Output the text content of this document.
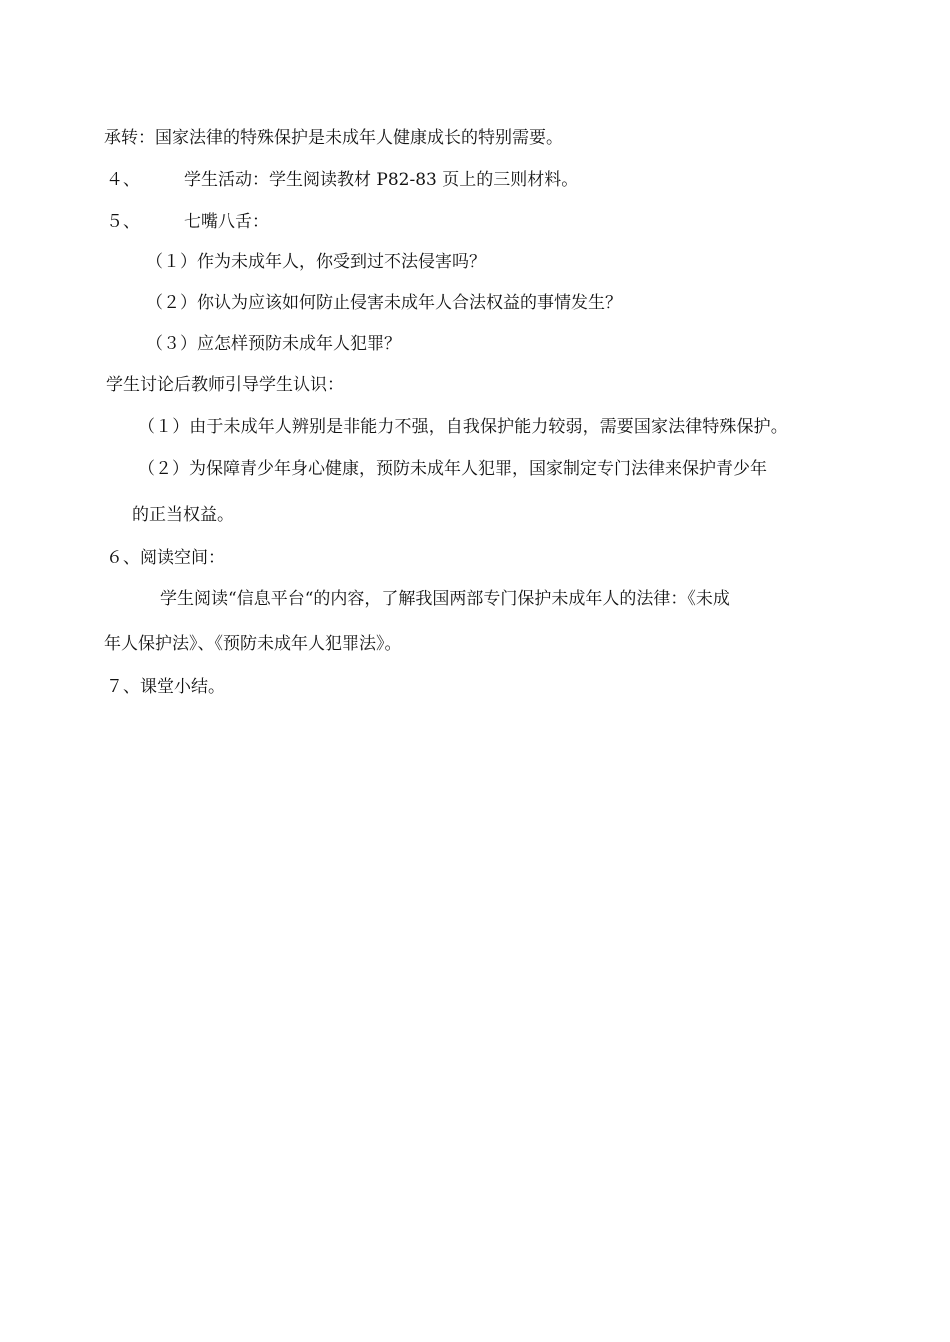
承转：国家法律的特殊保护是未成年人健康成长的特别需要。
４、	学生活动：学生阅读教材 P82-83 页上的三则材料。
５、	七嘴八舌：
（１）作为未成年人，你受到过不法侵害吗？
（２）你认为应该如何防止侵害未成年人合法权益的事情发生？
（３）应怎样预防未成年人犯罪？
学生讨论后教师引导学生认识：
（１）由于未成年人辨别是非能力不强，自我保护能力较弱，需要国家法律特殊保护。
（２）为保障青少年身心健康，预防未成年人犯罪，国家制定专门法律来保护青少年
的正当权益。
６、阅读空间：
学生阅读“信息平台“的内容，了解我国两部专门保护未成年人的法律：《未成
年人保护法》、《预防未成年人犯罪法》。
７、课堂小结。
